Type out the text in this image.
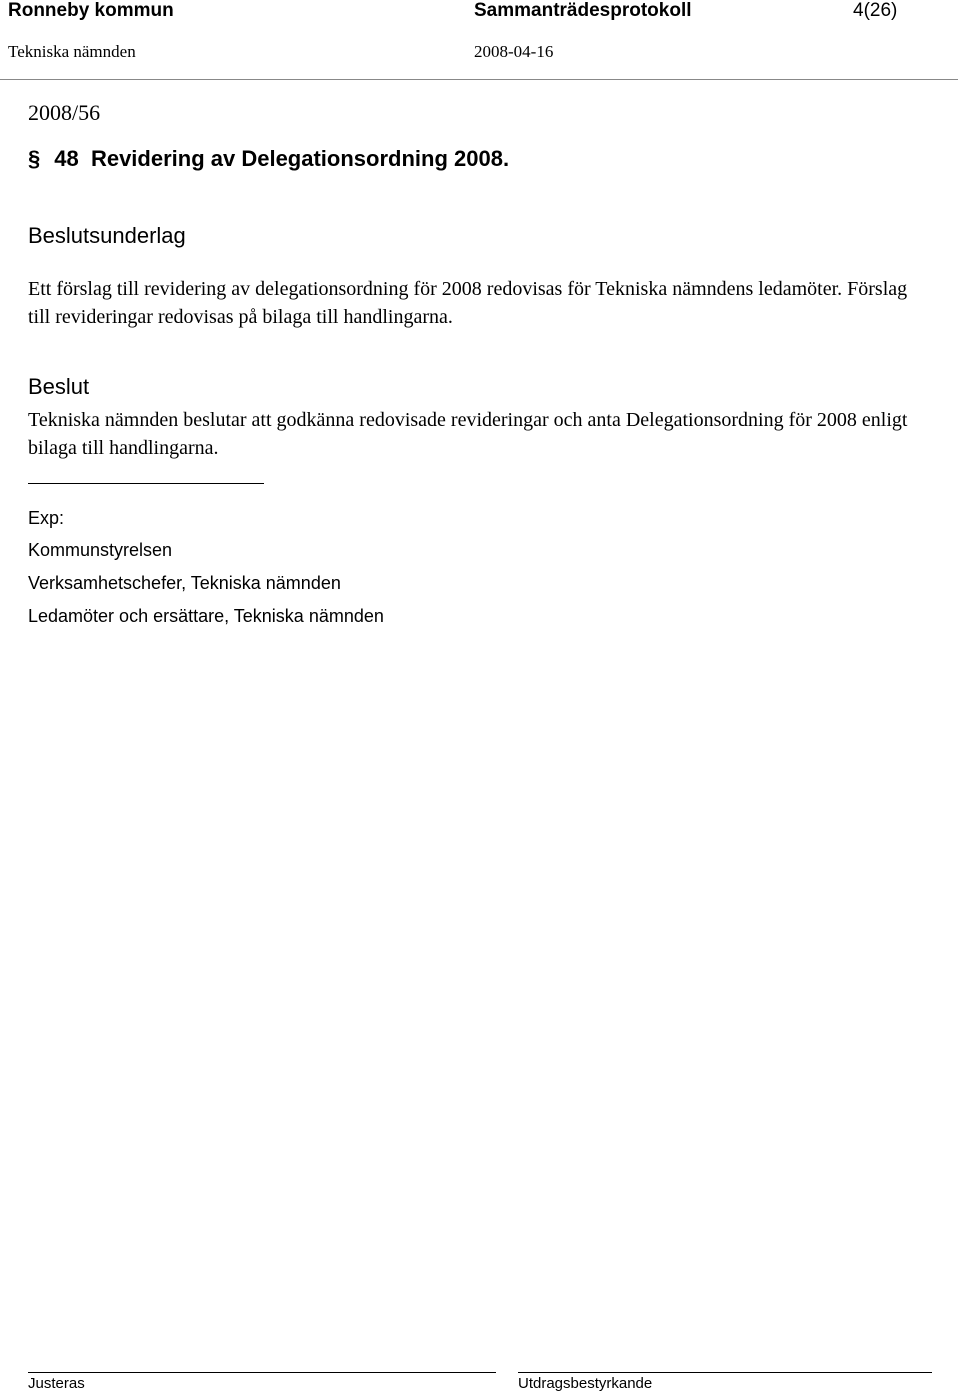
Ronneby kommun	Sammanträdesprotokoll	4(26)
Tekniska nämnden	2008-04-16
2008/56
§ 48  Revidering av Delegationsordning 2008.
Beslutsunderlag
Ett förslag till revidering av delegationsordning för 2008 redovisas för Tekniska nämndens ledamöter. Förslag till revideringar redovisas på bilaga till handlingarna.
Beslut
Tekniska nämnden beslutar att godkänna redovisade revideringar och anta Delegationsordning för 2008 enligt bilaga till handlingarna.
Exp:
Kommunstyrelsen
Verksamhetschefer, Tekniska nämnden
Ledamöter och ersättare, Tekniska nämnden
Justeras	Utdragsbestyrkande
